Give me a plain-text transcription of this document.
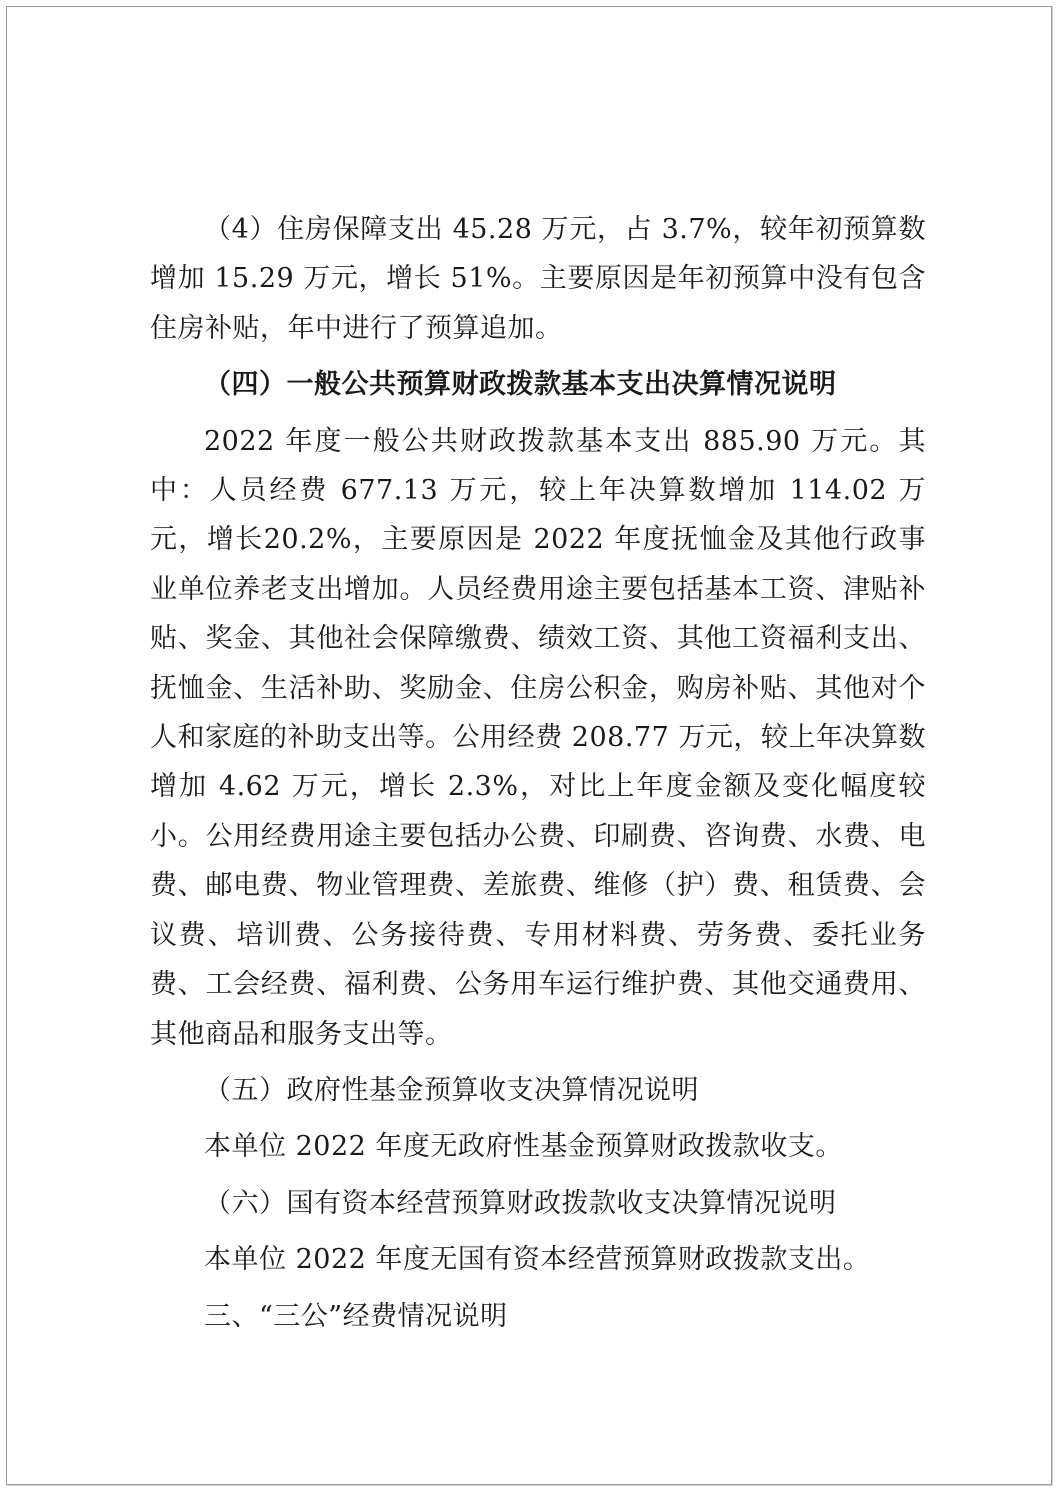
（4）住房保障支出 45.28 万元，占 3.7%，较年初预算数增加 15.29 万元，增长 51%。主要原因是年初预算中没有包含住房补贴，年中进行了预算追加。

（四）一般公共预算财政拨款基本支出决算情况说明

2022 年度一般公共财政拨款基本支出 885.90 万元。其中：人员经费 677.13 万元，较上年决算数增加 114.02 万元，增长20.2%，主要原因是 2022 年度抚恤金及其他行政事业单位养老支出增加。人员经费用途主要包括基本工资、津贴补贴、奖金、其他社会保障缴费、绩效工资、其他工资福利支出、抚恤金、生活补助、奖励金、住房公积金，购房补贴、其他对个人和家庭的补助支出等。公用经费 208.77 万元，较上年决算数增加 4.62 万元，增长 2.3%，对比上年度金额及变化幅度较小。公用经费用途主要包括办公费、印刷费、咨询费、水费、电费、邮电费、物业管理费、差旅费、维修（护）费、租赁费、会议费、培训费、公务接待费、专用材料费、劳务费、委托业务费、工会经费、福利费、公务用车运行维护费、其他交通费用、其他商品和服务支出等。

（五）政府性基金预算收支决算情况说明

本单位 2022 年度无政府性基金预算财政拨款收支。

（六）国有资本经营预算财政拨款收支决算情况说明

本单位 2022 年度无国有资本经营预算财政拨款支出。

三、“三公”经费情况说明
